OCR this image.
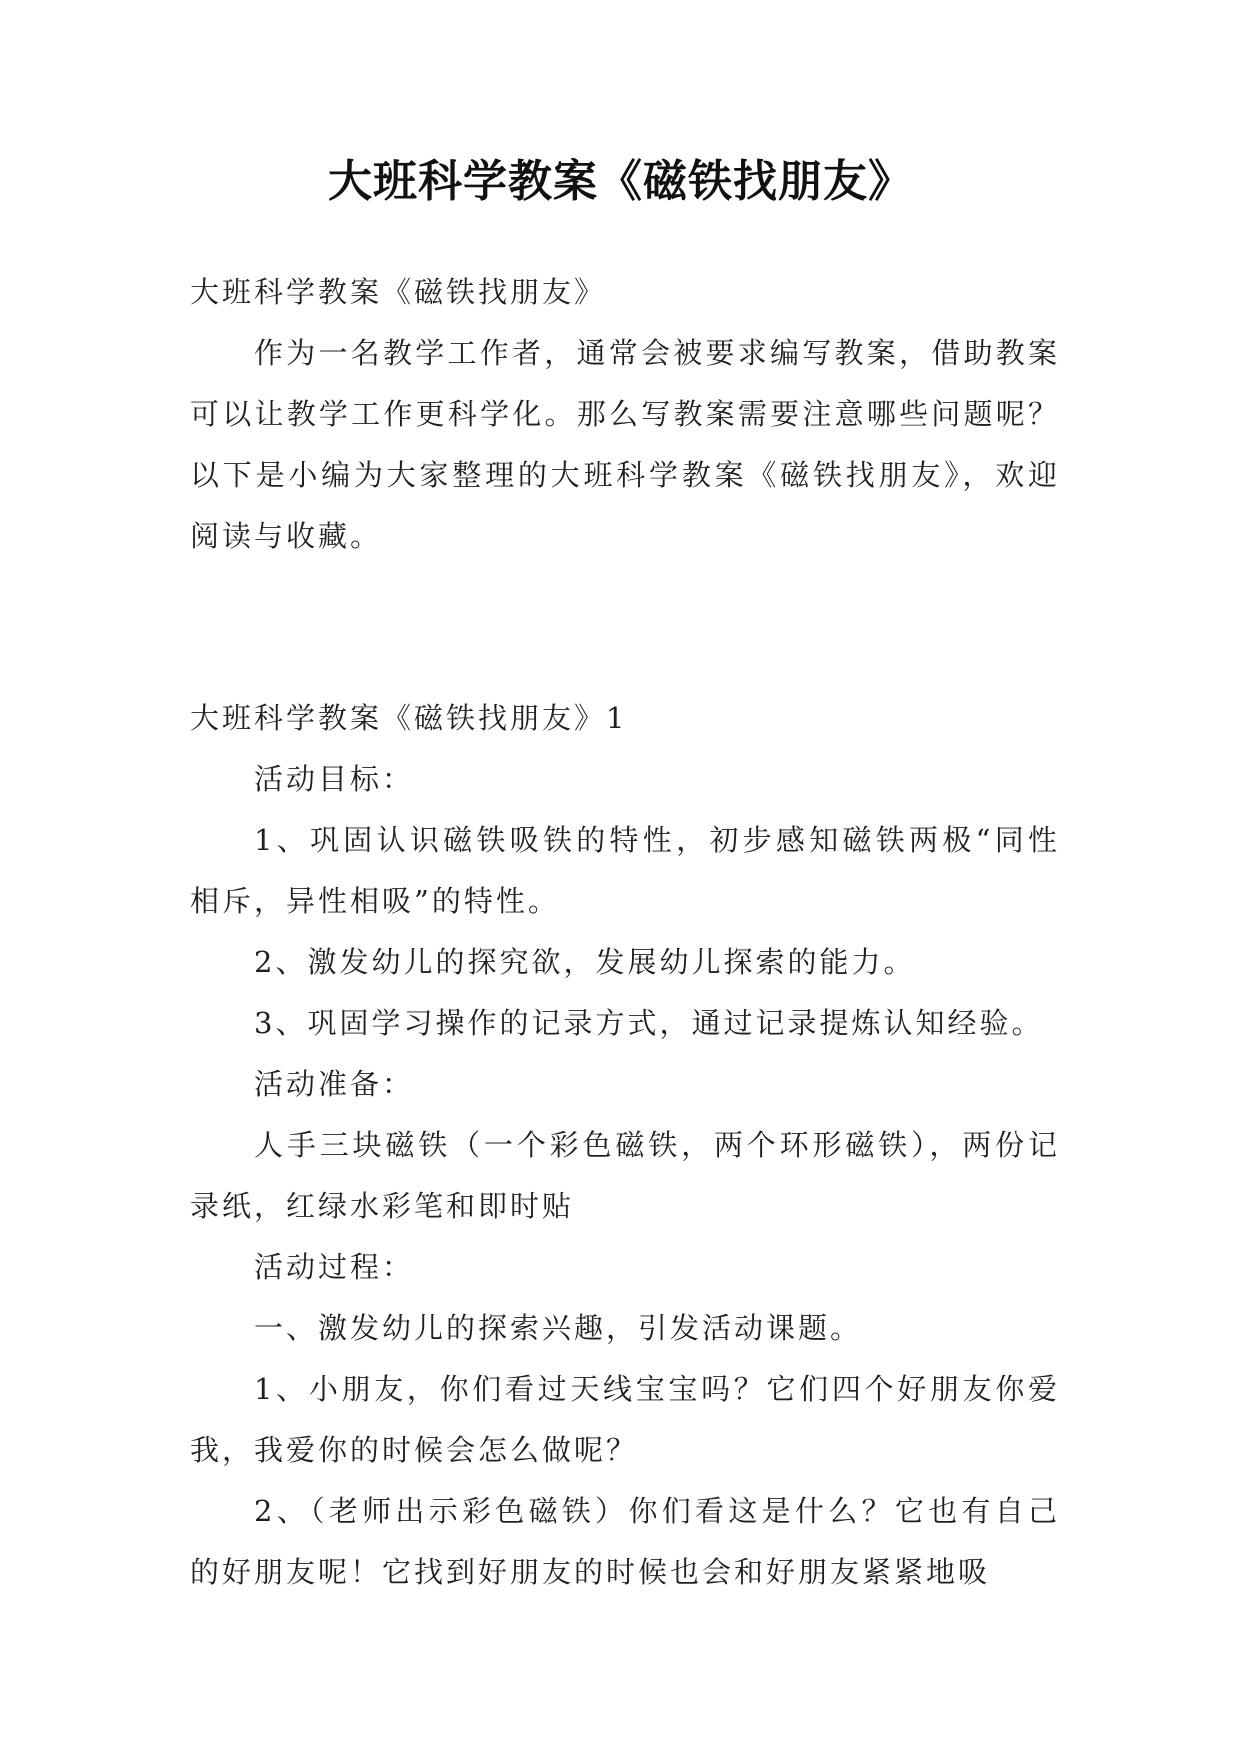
大班科学教案《磁铁找朋友》

大班科学教案《磁铁找朋友》

作为一名教学工作者，通常会被要求编写教案，借助教案可以让教学工作更科学化。那么写教案需要注意哪些问题呢？以下是小编为大家整理的大班科学教案《磁铁找朋友》，欢迎阅读与收藏。

大班科学教案《磁铁找朋友》1

活动目标：

1、巩固认识磁铁吸铁的特性，初步感知磁铁两极“同性相斥，异性相吸”的特性。

2、激发幼儿的探究欲，发展幼儿探索的能力。

3、巩固学习操作的记录方式，通过记录提炼认知经验。

活动准备：

人手三块磁铁（一个彩色磁铁，两个环形磁铁），两份记录纸，红绿水彩笔和即时贴

活动过程：

一、激发幼儿的探索兴趣，引发活动课题。

1、小朋友，你们看过天线宝宝吗？它们四个好朋友你爱我，我爱你的时候会怎么做呢？

2、（老师出示彩色磁铁）你们看这是什么？它也有自己的好朋友呢！它找到好朋友的时候也会和好朋友紧紧地吸
